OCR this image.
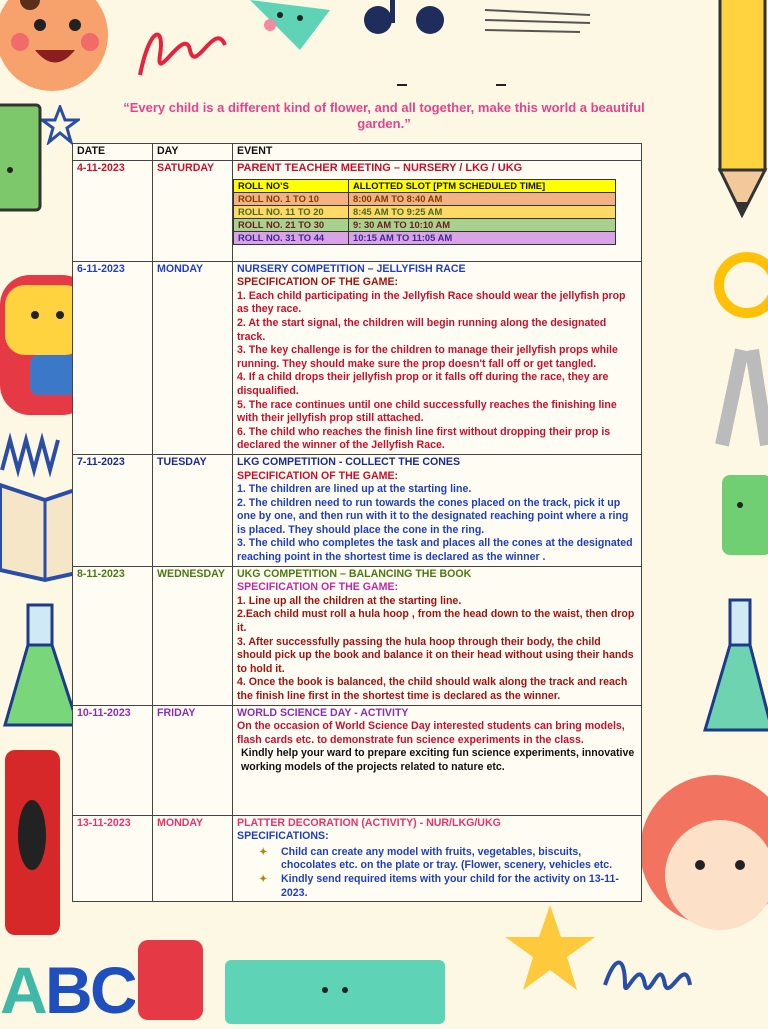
A
B
C
“Every child is a different kind of flower, and all together, make this world a beautiful garden.”
DATE	DAY	EVENT
4-11-2023	SATURDAY	PARENT TEACHER MEETING – NURSERY / LKG / UKG
ROLL NO’S	ALLOTTED SLOT [PTM SCHEDULED TIME]
ROLL NO. 1 TO 10	8:00 AM TO 8:40 AM
ROLL NO. 11 TO 20	8:45 AM TO 9:25 AM
ROLL NO. 21 TO 30	9: 30 AM TO 10:10 AM
ROLL NO. 31 TO 44	10:15 AM TO 11:05 AM

6-11-2023	MONDAY	NURSERY COMPETITION – JELLYFISH RACE
SPECIFICATION OF THE GAME:
1. Each child participating in the Jellyfish Race should wear the jellyfish prop as they race.
2. At the start signal, the children will begin running along the designated track.
3. The key challenge is for the children to manage their jellyfish props while running. They should make sure the prop doesn't fall off or get tangled.
4. If a child drops their jellyfish prop or it falls off during the race, they are disqualified.
5. The race continues until one child successfully reaches the finishing line with their jellyfish prop still attached.
6. The child who reaches the finish line first without dropping their prop is declared the winner of the Jellyfish Race.

7-11-2023	TUESDAY	LKG COMPETITION - COLLECT THE CONES
SPECIFICATION OF THE GAME:
1. The children are lined up at the starting line.
2. The children need to run towards the cones placed on the track, pick it up one by one, and then run with it to the designated reaching point where a ring is placed. They should place the cone in the ring.
3. The child who completes the task and places all the cones at the designated reaching point in the shortest time is declared as the winner .

8-11-2023	WEDNESDAY	UKG COMPETITION – BALANCING THE BOOK
SPECIFICATION OF THE GAME:
1. Line up all the children at the starting line.
2.Each child must roll a hula hoop , from the head down to the waist, then drop it.
3. After successfully passing the hula hoop through their body, the child should pick up the book and balance it on their head without using their hands to hold it.
4. Once the book is balanced, the child should walk along the track and reach the finish line first in the shortest time is declared as the winner.

10-11-2023	FRIDAY	WORLD SCIENCE DAY - ACTIVITY
On the occasion of World Science Day interested students can bring models, flash cards etc. to demonstrate fun science experiments in the class.
Kindly help your ward to prepare exciting fun science experiments, innovative working models of the projects related to nature etc.

13-11-2023	MONDAY	PLATTER DECORATION (ACTIVITY) - NUR/LKG/UKG
SPECIFICATIONS:
✦ Child can create any model with fruits, vegetables, biscuits, chocolates etc. on the plate or tray. (Flower, scenery, vehicles etc.
✦ Kindly send required items with your child for the activity on 13-11-2023.
